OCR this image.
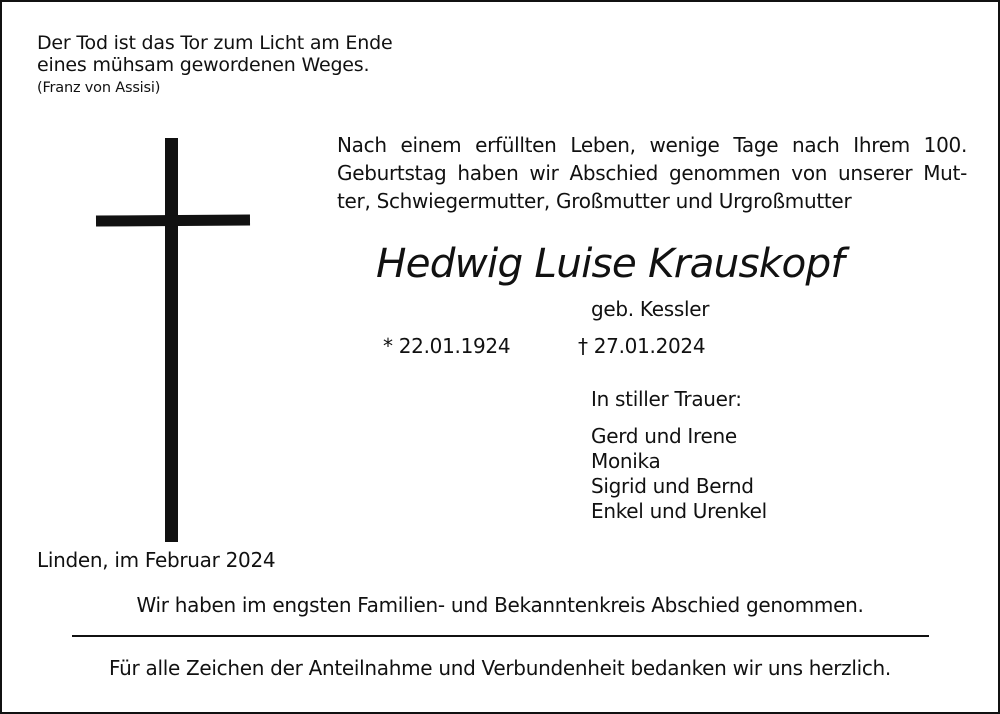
Der Tod ist das Tor zum Licht am Ende
eines mühsam gewordenen Weges.
(Franz von Assisi)
Nach einem erfüllten Leben, wenige Tage nach Ihrem 100.
Geburtstag haben wir Abschied genommen von unserer Mut-
ter, Schwiegermutter, Großmutter und Urgroßmutter
Hedwig Luise Krauskopf
geb. Kessler
* 22.01.1924	† 27.01.2024
In stiller Trauer:
Gerd und Irene
Monika
Sigrid und Bernd
Enkel und Urenkel
Linden, im Februar 2024
Wir haben im engsten Familien- und Bekanntenkreis Abschied genommen.
Für alle Zeichen der Anteilnahme und Verbundenheit bedanken wir uns herzlich.
